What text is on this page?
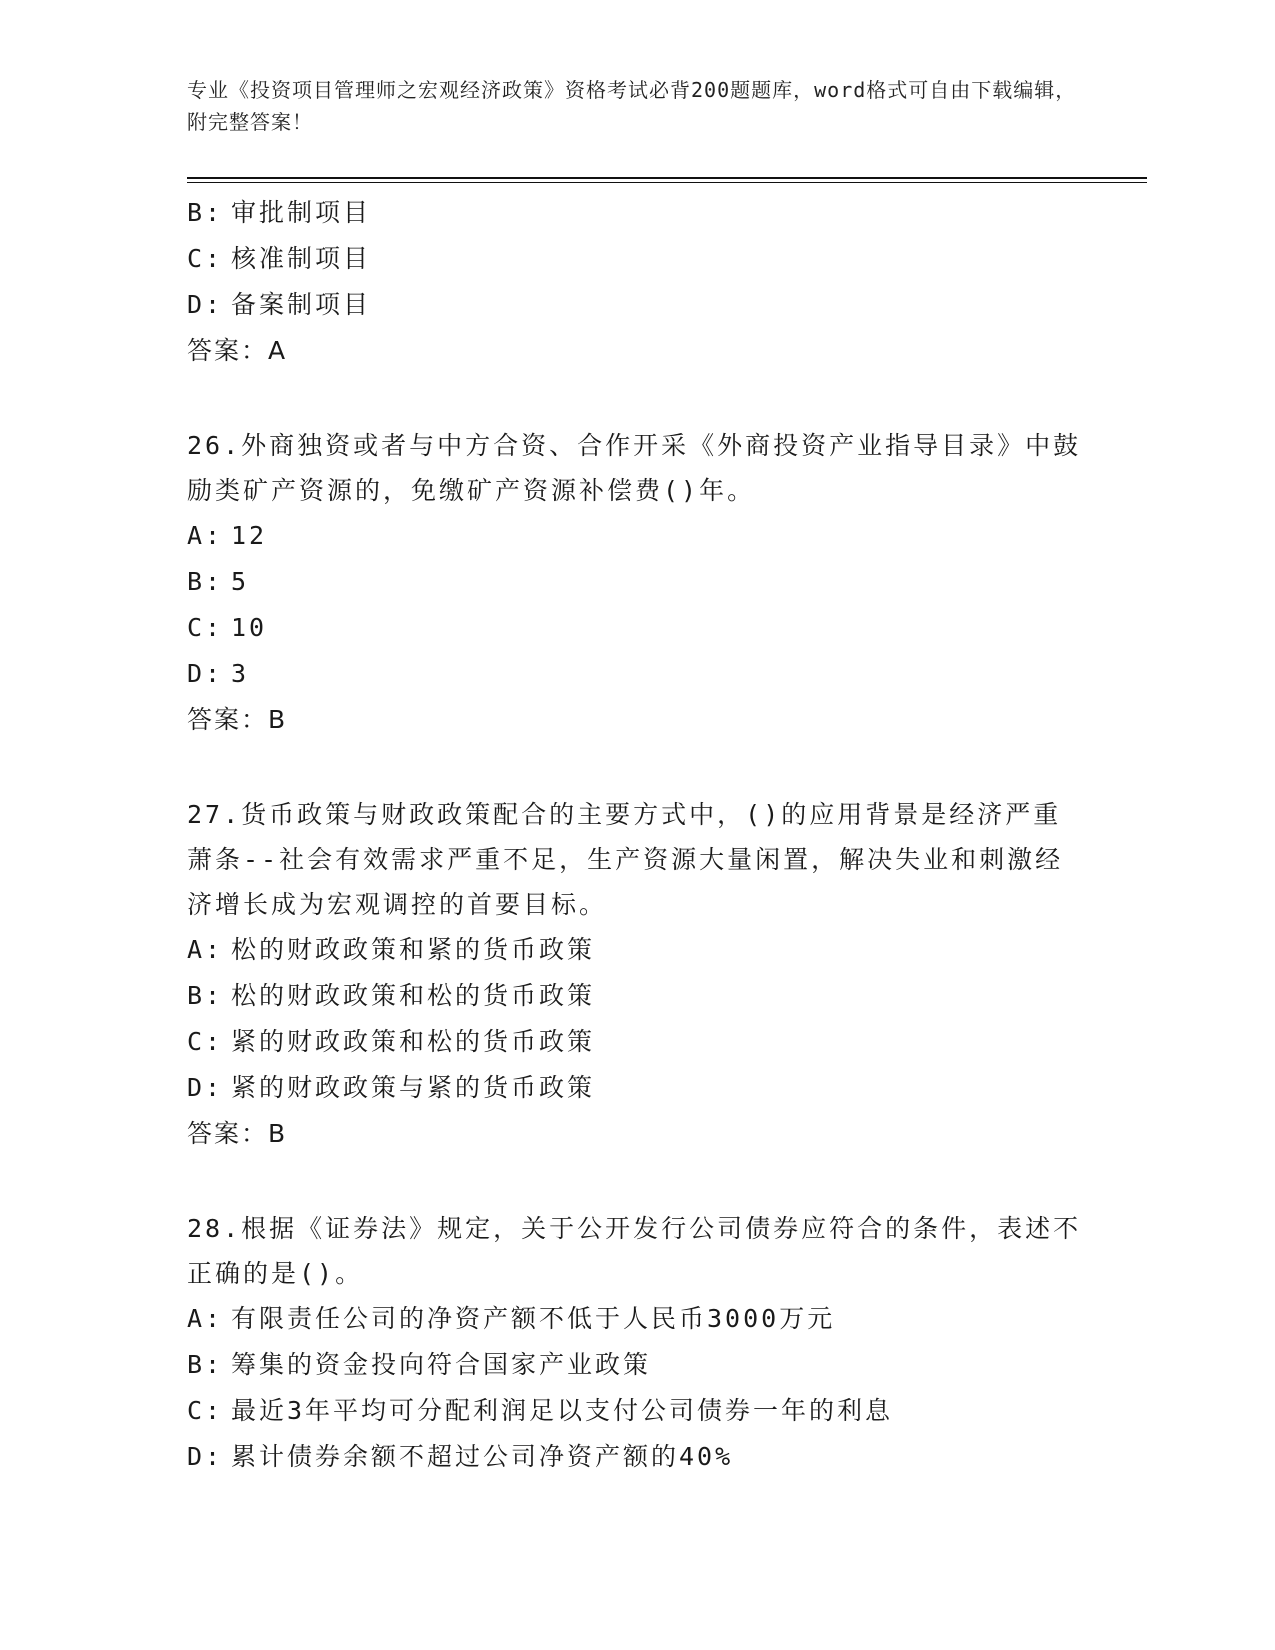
专业《投资项目管理师之宏观经济政策》资格考试必背200题题库，word格式可自由下载编辑，附完整答案！
B: 审批制项目
C: 核准制项目
D: 备案制项目
答案：A
26.外商独资或者与中方合资、合作开采《外商投资产业指导目录》中鼓励类矿产资源的，免缴矿产资源补偿费()年。
A: 12
B: 5
C: 10
D: 3
答案：B
27.货币政策与财政政策配合的主要方式中，()的应用背景是经济严重萧条--社会有效需求严重不足，生产资源大量闲置，解决失业和刺激经济增长成为宏观调控的首要目标。
A: 松的财政政策和紧的货币政策
B: 松的财政政策和松的货币政策
C: 紧的财政政策和松的货币政策
D: 紧的财政政策与紧的货币政策
答案：B
28.根据《证券法》规定，关于公开发行公司债券应符合的条件，表述不正确的是()。
A: 有限责任公司的净资产额不低于人民币3000万元
B: 筹集的资金投向符合国家产业政策
C: 最近3年平均可分配利润足以支付公司债券一年的利息
D: 累计债券余额不超过公司净资产额的40%
